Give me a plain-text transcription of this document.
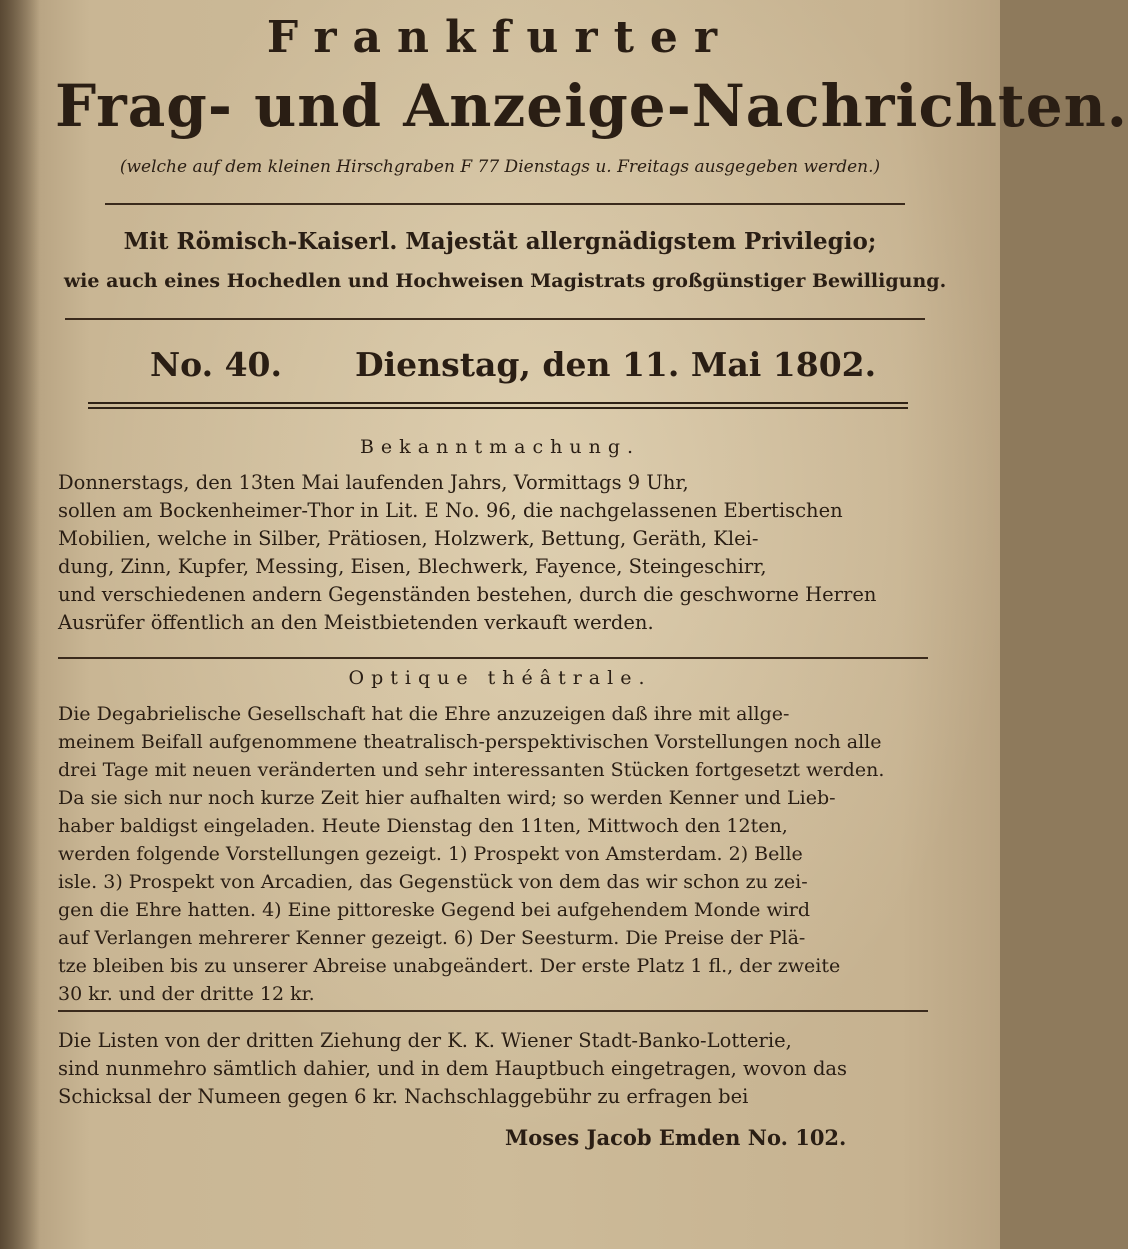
Frankfurter

Frag- und Anzeige-Nachrichten.

(welche auf dem kleinen Hirschgraben F 77 Dienstags u. Freitags ausgegeben werden.)

Mit Römisch-Kaiserl. Majestät allergnädigstem Privilegio;

wie auch eines Hochedlen und Hochweisen Magistrats großgünstiger Bewilligung.

No. 40. Dienstag, den 11. Mai 1802.

Bekanntmachung.

Donnerstags, den 13ten Mai laufenden Jahrs, Vormittags 9 Uhr,
sollen am Bockenheimer-Thor in Lit. E No. 96, die nachgelassenen Ebertischen
Mobilien, welche in Silber, Prätiosen, Holzwerk, Bettung, Geräth, Klei-
dung, Zinn, Kupfer, Messing, Eisen, Blechwerk, Fayence, Steingeschirr,
und verschiedenen andern Gegenständen bestehen, durch die geschworne Herren
Ausrüfer öffentlich an den Meistbietenden verkauft werden.

Optique théâtrale.

Die Degabrielische Gesellschaft hat die Ehre anzuzeigen daß ihre mit allge-
meinem Beifall aufgenommene theatralisch-perspektivischen Vorstellungen noch alle
drei Tage mit neuen veränderten und sehr interessanten Stücken fortgesetzt werden.
Da sie sich nur noch kurze Zeit hier aufhalten wird; so werden Kenner und Lieb-
haber baldigst eingeladen. Heute Dienstag den 11ten, Mittwoch den 12ten,
werden folgende Vorstellungen gezeigt. 1) Prospekt von Amsterdam. 2) Belle
isle. 3) Prospekt von Arcadien, das Gegenstück von dem das wir schon zu zei-
gen die Ehre hatten. 4) Eine pittoreske Gegend bei aufgehendem Monde wird
auf Verlangen mehrerer Kenner gezeigt. 6) Der Seesturm. Die Preise der Plä-
tze bleiben bis zu unserer Abreise unabgeändert. Der erste Platz 1 fl., der zweite
30 kr. und der dritte 12 kr.
Die Listen von der dritten Ziehung der K. K. Wiener Stadt-Banko-Lotterie,
sind nunmehro sämtlich dahier, und in dem Hauptbuch eingetragen, wovon das
Schicksal der Numeen gegen 6 kr. Nachschlaggebühr zu erfragen bei

Moses Jacob Emden No. 102.
